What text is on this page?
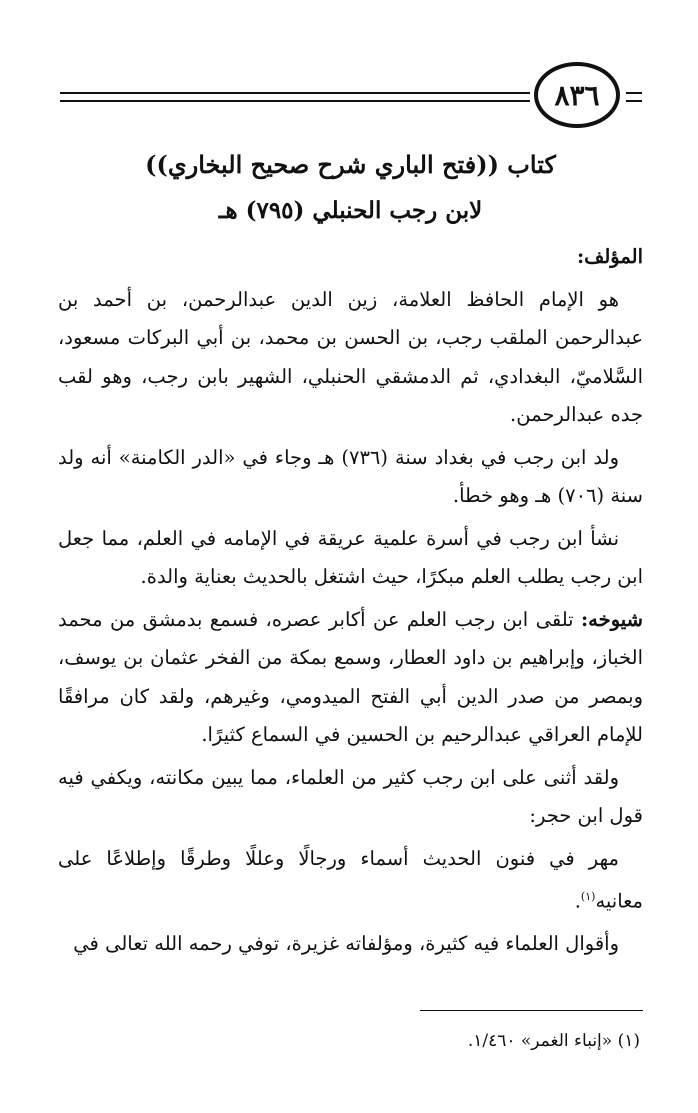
٨٣٦

كتاب ((فتح الباري شرح صحيح البخاري))

لابن رجب الحنبلي (٧٩٥) هـ

المؤلف:

هو الإمام الحافظ العلامة، زين الدين عبدالرحمن، بن أحمد بن عبدالرحمن الملقب رجب، بن الحسن بن محمد، بن أبي البركات مسعود، السَّلاميّ، البغدادي، ثم الدمشقي الحنبلي، الشهير بابن رجب، وهو لقب جده عبدالرحمن.

ولد ابن رجب في بغداد سنة (٧٣٦) هـ وجاء في «الدر الكامنة» أنه ولد سنة (٧٠٦) هـ وهو خطأ.

نشأ ابن رجب في أسرة علمية عريقة في الإمامه في العلم، مما جعل ابن رجب يطلب العلم مبكرًا، حيث اشتغل بالحديث بعناية والدة.

شيوخه: تلقى ابن رجب العلم عن أكابر عصره، فسمع بدمشق من محمد الخباز، وإبراهيم بن داود العطار، وسمع بمكة من الفخر عثمان بن يوسف، وبمصر من صدر الدين أبي الفتح الميدومي، وغيرهم، ولقد كان مرافقًا للإمام العراقي عبدالرحيم بن الحسين في السماع كثيرًا.

ولقد أثنى على ابن رجب كثير من العلماء، مما يبين مكانته، ويكفي فيه قول ابن حجر:

مهر في فنون الحديث أسماء ورجالًا وعللًا وطرقًا وإطلاعًا على معانيه$^{(١)}$.

وأقوال العلماء فيه كثيرة، ومؤلفاته غزيرة، توفي رحمه الله تعالى في

(١) «إنباء الغمر» ١/٤٦٠.
